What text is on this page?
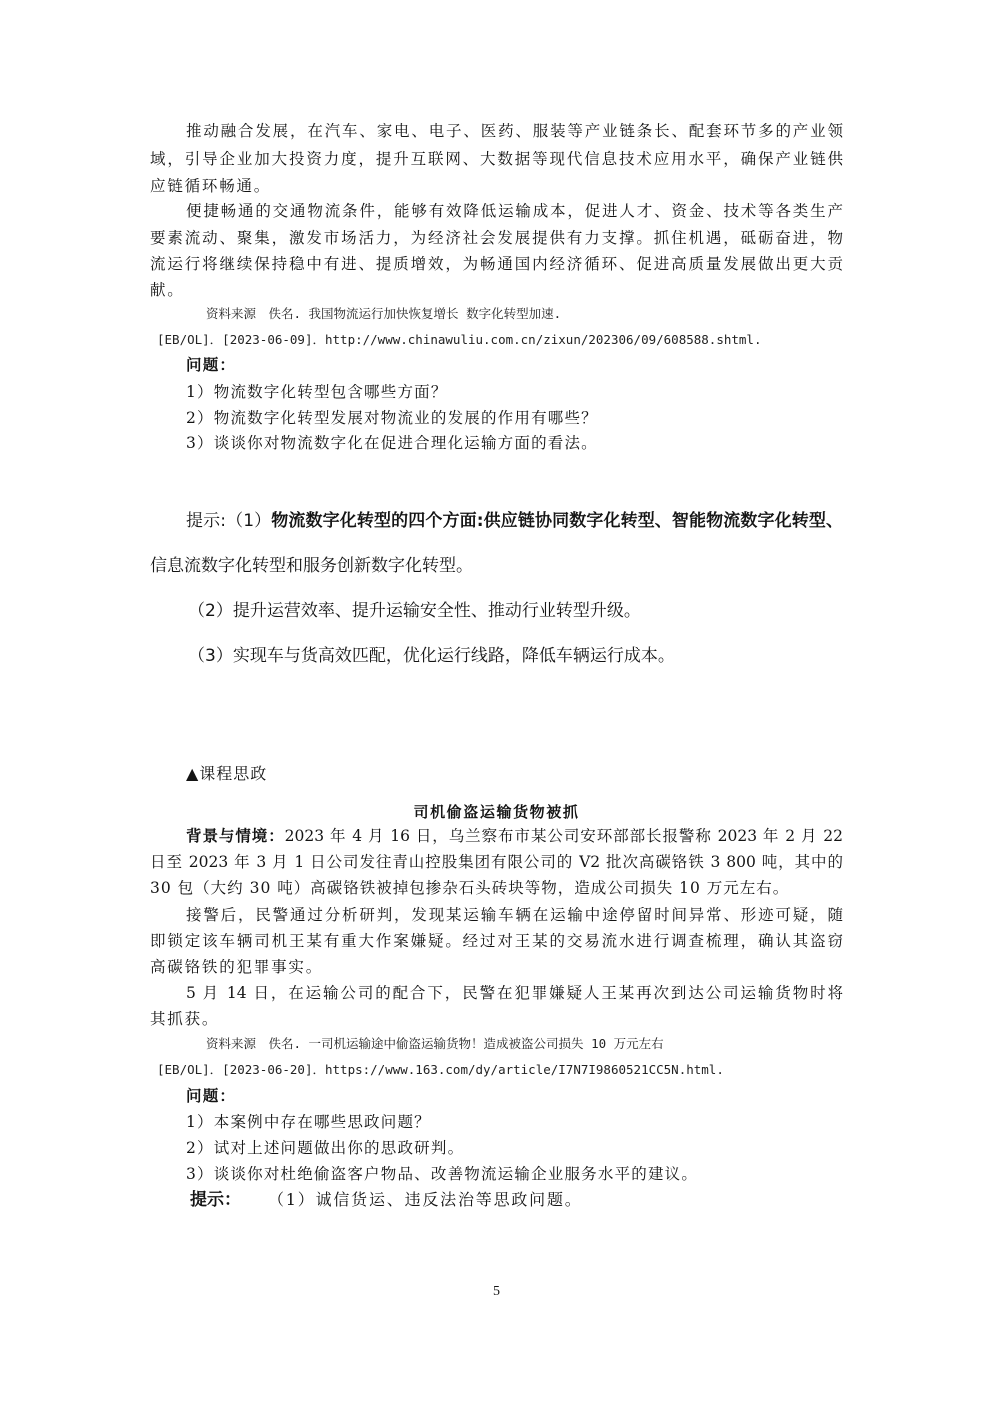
推动融合发展，在汽车、家电、电子、医药、服装等产业链条长、配套环节多的产业领
域，引导企业加大投资力度，提升互联网、大数据等现代信息技术应用水平，确保产业链供
应链循环畅通。
便捷畅通的交通物流条件，能够有效降低运输成本，促进人才、资金、技术等各类生产
要素流动、聚集，激发市场活力，为经济社会发展提供有力支撑。抓住机遇，砥砺奋进，物
流运行将继续保持稳中有进、提质增效，为畅通国内经济循环、促进高质量发展做出更大贡
献。
资料来源　佚名. 我国物流运行加快恢复增长 数字化转型加速.
[EB/OL]．[2023-06-09]．http://www.chinawuliu.com.cn/zixun/202306/09/608588.shtml.
问题：
1）物流数字化转型包含哪些方面？
2）物流数字化转型发展对物流业的发展的作用有哪些？
3）谈谈你对物流数字化在促进合理化运输方面的看法。
提示:（1）物流数字化转型的四个方面:供应链协同数字化转型、智能物流数字化转型、
信息流数字化转型和服务创新数字化转型。
（2）提升运营效率、提升运输安全性、推动行业转型升级。
（3）实现车与货高效匹配，优化运行线路，降低车辆运行成本。
▲课程思政
司机偷盗运输货物被抓
背景与情境：2023 年 4 月 16 日，乌兰察布市某公司安环部部长报警称 2023 年 2 月 22
日至 2023 年 3 月 1 日公司发往青山控股集团有限公司的 V2 批次高碳铬铁 3 800 吨，其中的
30 包（大约 30 吨）高碳铬铁被掉包掺杂石头砖块等物，造成公司损失 10 万元左右。
接警后，民警通过分析研判，发现某运输车辆在运输中途停留时间异常、形迹可疑，随
即锁定该车辆司机王某有重大作案嫌疑。经过对王某的交易流水进行调查梳理，确认其盗窃
高碳铬铁的犯罪事实。
5 月 14 日，在运输公司的配合下，民警在犯罪嫌疑人王某再次到达公司运输货物时将
其抓获。
资料来源　佚名. 一司机运输途中偷盗运输货物！造成被盗公司损失 10 万元左右
[EB/OL]．[2023-06-20]．https://www.163.com/dy/article/I7N7I9860521CC5N.html.
问题：
1）本案例中存在哪些思政问题？
2）试对上述问题做出你的思政研判。
3）谈谈你对杜绝偷盗客户物品、改善物流运输企业服务水平的建议。
提示： （1）诚信货运、违反法治等思政问题。
5
